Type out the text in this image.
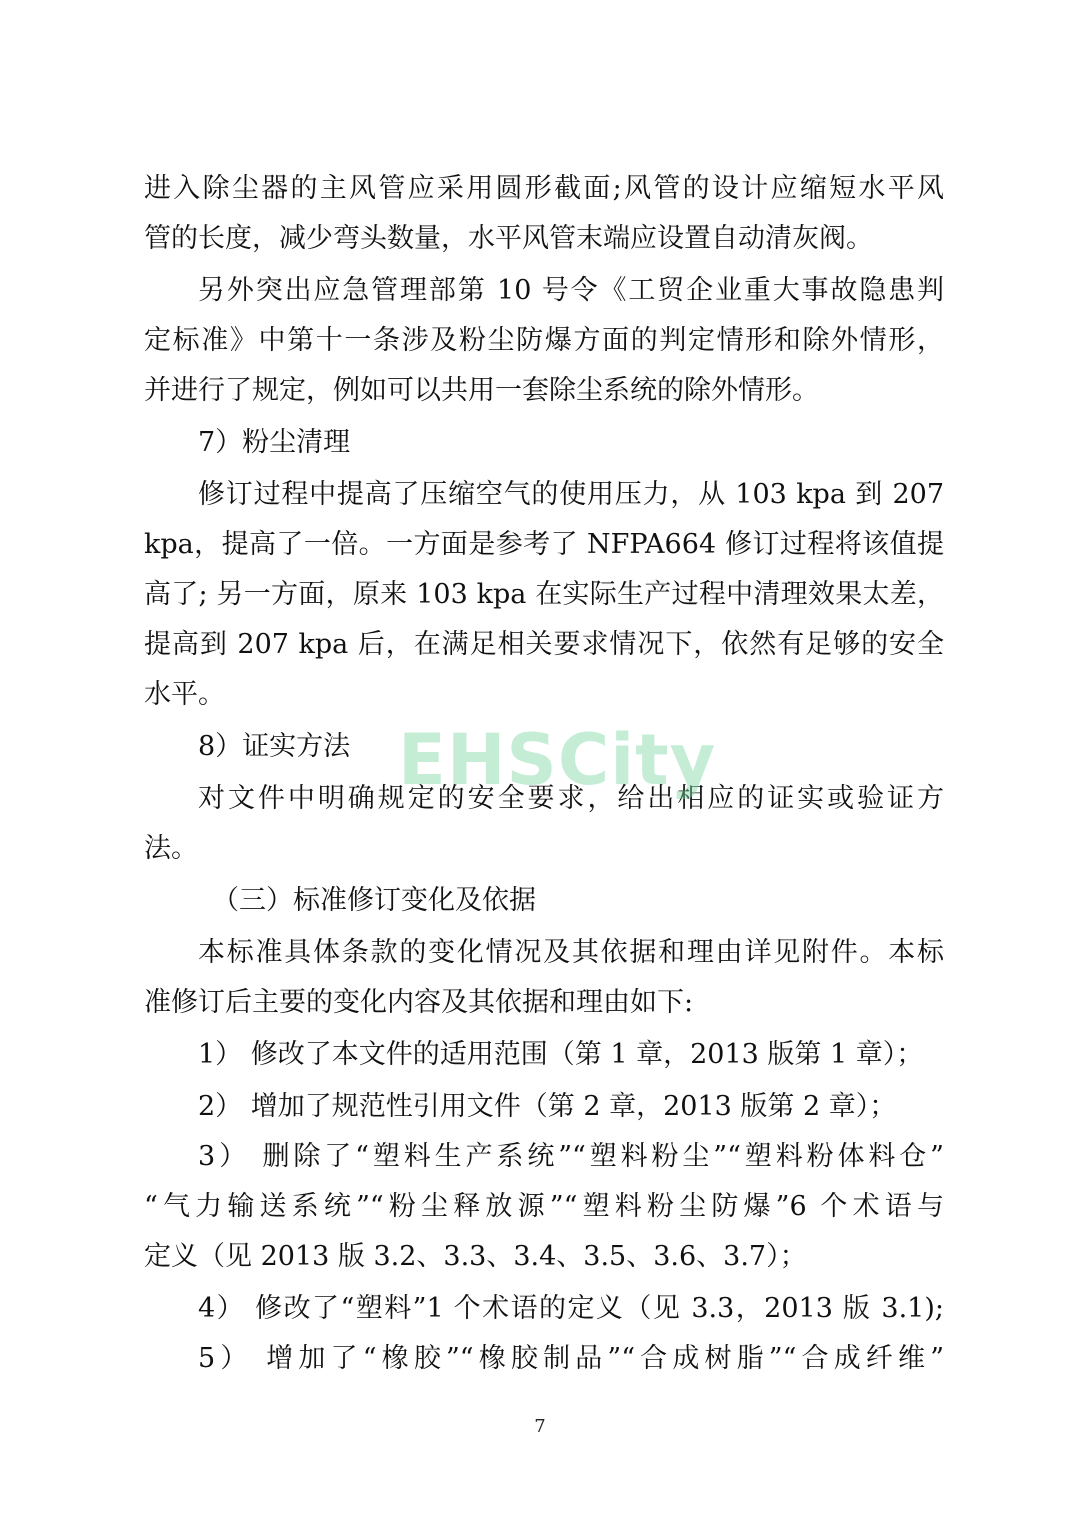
进入除尘器的主风管应采用圆形截面;风管的设计应缩短水平风
管的长度，减少弯头数量，水平风管末端应设置自动清灰阀。
另外突出应急管理部第 10 号令《工贸企业重大事故隐患判
定标准》中第十一条涉及粉尘防爆方面的判定情形和除外情形，
并进行了规定，例如可以共用一套除尘系统的除外情形。
7）粉尘清理
修订过程中提高了压缩空气的使用压力，从 103 kpa 到 207
kpa，提高了一倍。一方面是参考了 NFPA664 修订过程将该值提
高了; 另一方面，原来 103 kpa 在实际生产过程中清理效果太差，
提高到 207 kpa 后，在满足相关要求情况下，依然有足够的安全
水平。
8）证实方法
对文件中明确规定的安全要求，给出相应的证实或验证方
法。
（三）标准修订变化及依据
本标准具体条款的变化情况及其依据和理由详见附件。本标
准修订后主要的变化内容及其依据和理由如下:
1） 修改了本文件的适用范围（第 1 章，2013 版第 1 章）；
2） 增加了规范性引用文件（第 2 章，2013 版第 2 章）；
3） 删除了“塑料生产系统”“塑料粉尘”“塑料粉体料仓”
“气力输送系统”“粉尘释放源”“塑料粉尘防爆”6 个术语与
定义（见 2013 版 3.2、3.3、3.4、3.5、3.6、3.7）；
4） 修改了“塑料”1 个术语的定义（见 3.3，2013 版 3.1);
5） 增加了“橡胶”“橡胶制品”“合成树脂”“合成纤维”
EHSCity
7
